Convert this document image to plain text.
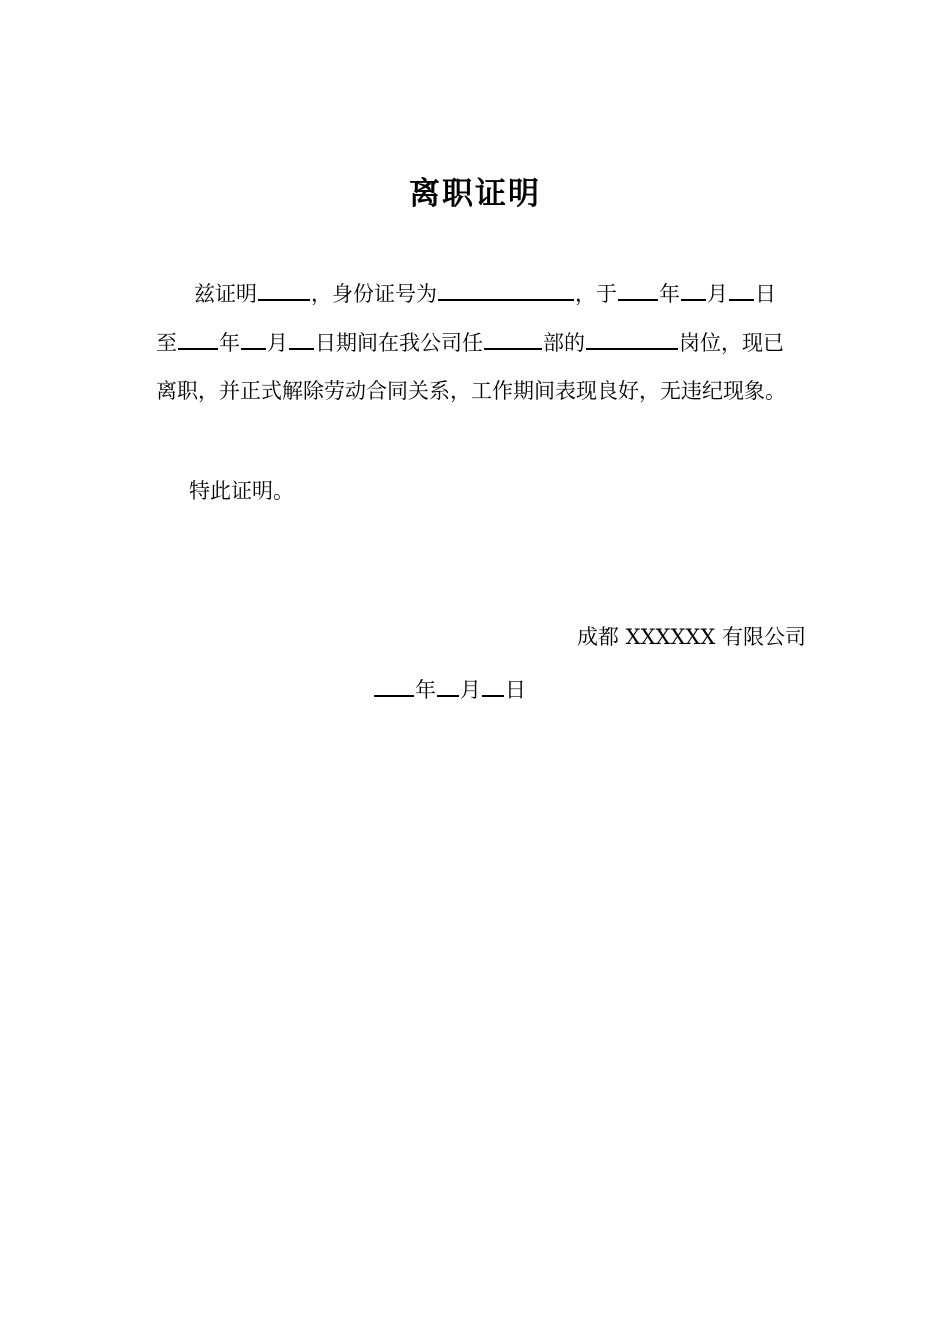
离职证明
兹证明	，身份证号为	，于 年 月 日
至 年 月 日期间在我公司任	部的	岗位，现已
离职，并正式解除劳动合同关系，工作期间表现良好，无违纪现象。
特此证明。
成都 XXXXXX 有限公司
年 月 日
